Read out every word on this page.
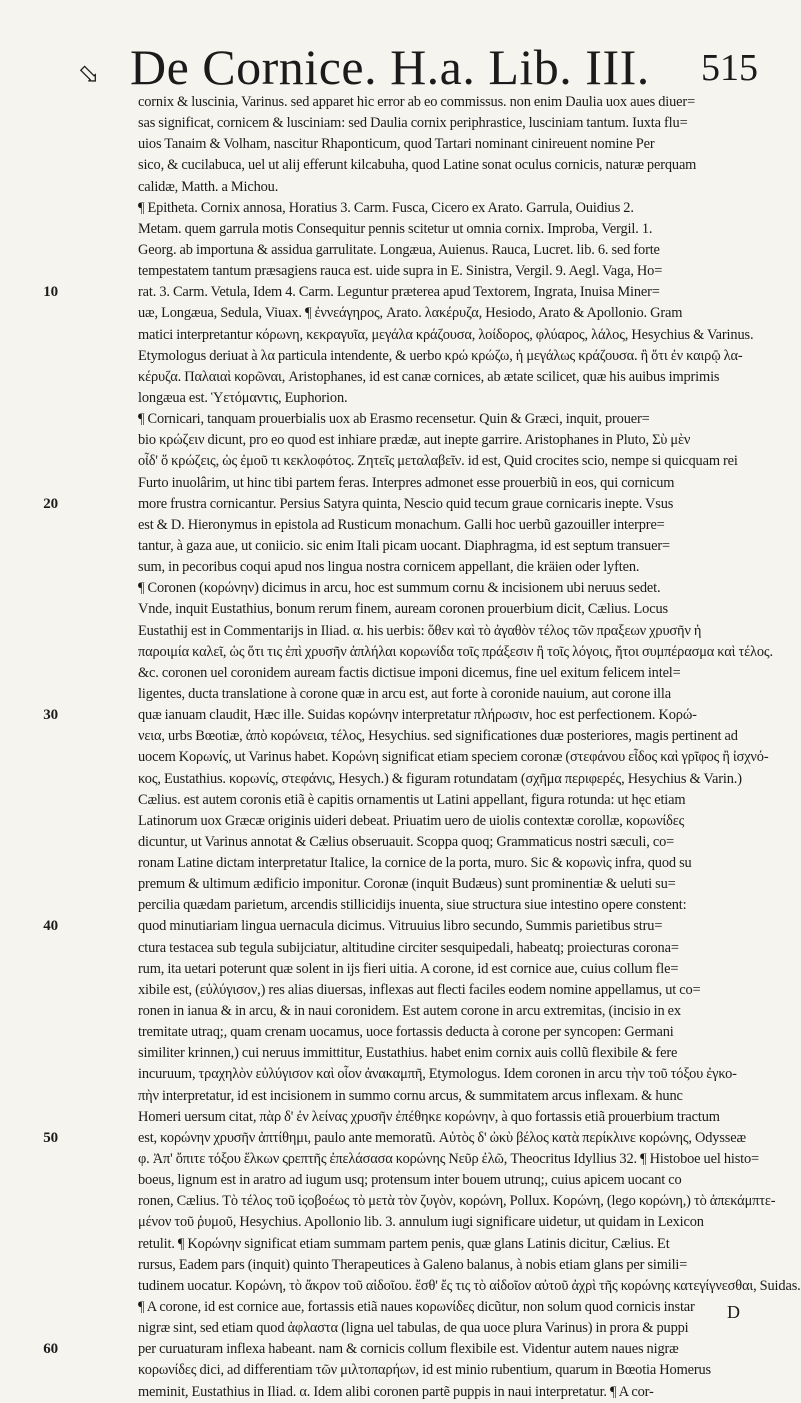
⬂ De Cornice. H.a. Lib. III. 515
cornix & luscinia, Varinus. sed apparet hic error ab eo commissus. non enim Daulia uox aues diuer=
sas significat, cornicem & lusciniam: sed Daulia cornix periphrastice, lusciniam tantum. Iuxta flu=
uios Tanaim & Volham, nascitur Rhaponticum, quod Tartari nominant cinireuent nomine Per
sico, & cucilabuca, uel ut alij efferunt kilcabuha, quod Latine sonat oculus cornicis, naturæ perquam
calidæ, Matth. a Michou.
¶ Epitheta. Cornix annosa, Horatius 3. Carm. Fusca, Cicero ex Arato. Garrula, Ouidius 2.
Metam. quem garrula motis Consequitur pennis scitetur ut omnia cornix. Improba, Vergil. 1.
Georg. ab importuna & assidua garrulitate. Longæua, Auienus. Rauca, Lucret. lib. 6. sed forte
tempestatem tantum præsagiens rauca est. uide supra in E. Sinistra, Vergil. 9. Aegl. Vaga, Ho=
10	rat. 3. Carm. Vetula, Idem 4. Carm. Leguntur præterea apud Textorem, Ingrata, Inuisa Miner=
uæ, Longæua, Sedula, Viuax. ¶ ἐννεάγηρος, Arato. λακέρυζα, Hesiodo, Arato & Apollonio. Gram
matici interpretantur κόρωνη, κεκραγυῖα, μεγάλα κράζουσα, λοίδορος, φλύαρος, λάλος, Hesychius & Varinus.
Etymologus deriuat à λα particula intendente, & uerbo κρώ κρώζω, ἡ μεγάλως κράζουσα. ἢ ὅτι ἐν καιρῷ λα-
κέρυζα. Παλαιαὶ κορῶναι, Aristophanes, id est canæ cornices, ab ætate scilicet, quæ his auibus imprimis
longæua est. Ὑετόμαντις, Euphorion.
¶ Cornicari, tanquam prouerbialis uox ab Erasmo recensetur. Quin & Græci, inquit, prouer=
bio κρώζειν dicunt, pro eo quod est inhiare prædæ, aut inepte garrire. Aristophanes in Pluto, Σὺ μὲν
οἶδ' ὅ κρώζεις, ὡς ἐμοῦ τι κεκλοφότος. Ζητεῖς μεταλαβεῖν. id est, Quid crocites scio, nempe si quicquam rei
Furto inuolârim, ut hinc tibi partem feras. Interpres admonet esse prouerbiũ in eos, qui cornicum
20	more frustra cornicantur. Persius Satyra quinta, Nescio quid tecum graue cornicaris inepte. Vsus
est & D. Hieronymus in epistola ad Rusticum monachum. Galli hoc uerbũ gazouiller interpre=
tantur, à gaza aue, ut coniicio. sic enim Itali picam uocant. Diaphragma, id est septum transuer=
sum, in pecoribus coqui apud nos lingua nostra cornicem appellant, die kräien oder lyften.
¶ Coronen (κορώνην) dicimus in arcu, hoc est summum cornu & incisionem ubi neruus sedet.
Vnde, inquit Eustathius, bonum rerum finem, auream coronen prouerbium dicit, Cælius. Locus
Eustathij est in Commentarijs in Iliad. α. his uerbis: ὅθεν καὶ τὸ ἀγαθὸν τέλος τῶν πραξεων χρυσῆν ἡ
παροιμία καλεῖ, ὡς ὅτι τις ἐπὶ χρυσῆν ἀπλήλαι κορωνίδα τοῖς πράξεσιν ἢ τοῖς λόγοις, ἤτοι συμπέρασμα καὶ τέλος.
&c. coronen uel coronidem auream factis dictisue imponi dicemus, fine uel exitum felicem intel=
ligentes, ducta translatione à corone quæ in arcu est, aut forte à coronide nauium, aut corone illa
30	quæ ianuam claudit, Hæc ille. Suidas κορώνην interpretatur πλήρωσιν, hoc est perfectionem. Κορώ-
νεια, urbs Bœotiæ, ἀπὸ κορώνεια, τέλος, Hesychius. sed significationes duæ posteriores, magis pertinent ad
uocem Κορωνίς, ut Varinus habet. Κορώνη significat etiam speciem coronæ (στεφάνου εἶδος καὶ γρῖφος ἢ ἰσχνό-
κος, Eustathius. κορωνίς, στεφάνις, Hesych.) & figuram rotundatam (σχῆμα περιφερές, Hesychius & Varin.)
Cælius. est autem coronis etiã è capitis ornamentis ut Latini appellant, figura rotunda: ut hęc etiam
Latinorum uox Græcæ originis uideri debeat. Priuatim uero de uiolis contextæ corollæ, κορωνίδες
dicuntur, ut Varinus annotat & Cælius obseruauit. Scoppa quoq; Grammaticus nostri sæculi, co=
ronam Latine dictam interpretatur Italice, la cornice de la porta, muro. Sic & κορωνὶς infra, quod su
premum & ultimum ædificio imponitur. Coronæ (inquit Budæus) sunt prominentiæ & ueluti su=
percilia quædam parietum, arcendis stillicidijs inuenta, siue structura siue intestino opere constent:
40	quod minutiariam lingua uernacula dicimus. Vitruuius libro secundo, Summis parietibus stru=
ctura testacea sub tegula subijciatur, altitudine circiter sesquipedali, habeatq; proiecturas corona=
rum, ita uetari poterunt quæ solent in ijs fieri uitia. A corone, id est cornice aue, cuius collum fle=
xibile est, (εὐλύγισον,) res alias diuersas, inflexas aut flecti faciles eodem nomine appellamus, ut co=
ronen in ianua & in arcu, & in naui coronidem. Est autem corone in arcu extremitas, (incisio in ex
tremitate utraq;, quam crenam uocamus, uoce fortassis deducta à corone per syncopen: Germani
similiter krinnen,) cui neruus immittitur, Eustathius. habet enim cornix auis collũ flexibile & fere
incuruum, τραχηλὸν εὐλύγισον καὶ οἷον ἀνακαμπῆ, Etymologus. Idem coronen in arcu τὴν τοῦ τόξου ἐγκο-
πὴν interpretatur, id est incisionem in summo cornu arcus, & summitatem arcus inflexam. & hunc
Homeri uersum citat, πὰρ δ' ἐν λείνας χρυσῆν ἐπέθηκε κορώνην, à quo fortassis etiã prouerbium tractum
50	est, κορώνην χρυσῆν ἀπτίθημι, paulo ante memoratũ. Αὐτὸς δ' ὠκὺ βέλος κατὰ περίκλινε κορώνης, Odysseæ
φ. Ἀπ' ὄπιτε τόξου ἕλκων ςρεπτῆς ἐπελάσασα κορώνης Νεῦρ ἐλῶ, Theocritus Idyllius 32. ¶ Histoboe uel histo=
boeus, lignum est in aratro ad iugum usq; protensum inter bouem utrunq;, cuius apicem uocant co
ronen, Cælius. Τὸ τέλος τοῦ ἱςοβοέως τὸ μετὰ τὸν ζυγὸν, κορώνη, Pollux. Κορώνη, (lego κορώνη,) τὸ ἀπεκάμπτε-
μένον τοῦ ῥυμοῦ, Hesychius. Apollonio lib. 3. annulum iugi significare uidetur, ut quidam in Lexicon
retulit. ¶ Κορώνην significat etiam summam partem penis, quæ glans Latinis dicitur, Cælius. Et
rursus, Eadem pars (inquit) quinto Therapeutices à Galeno balanus, à nobis etiam glans per simili=
tudinem uocatur. Κορώνη, τὸ ἄκρον τοῦ αἰδοῖου. ἔσθ' ἔς τις τὸ αἰδοῖον αὐτοῦ ἀχρὶ τῆς κορώνης κατεγίγνεσθαι, Suidas.
¶ A corone, id est cornice aue, fortassis etiã naues κορωνίδες dicũtur, non solum quod cornicis instar
nigræ sint, sed etiam quod ἀφλαστα (ligna uel tabulas, de qua uoce plura Varinus) in prora & puppi
60	per curuaturam inflexa habeant. nam & cornicis collum flexibile est. Videntur autem naues nigræ
κορωνίδες dici, ad differentiam τῶν μιλτοπαρήων, id est minio rubentium, quarum in Bœotia Homerus
meminit, Eustathius in Iliad. α. Idem alibi coronen partẽ puppis in naui interpretatur. ¶ A cor-
D
